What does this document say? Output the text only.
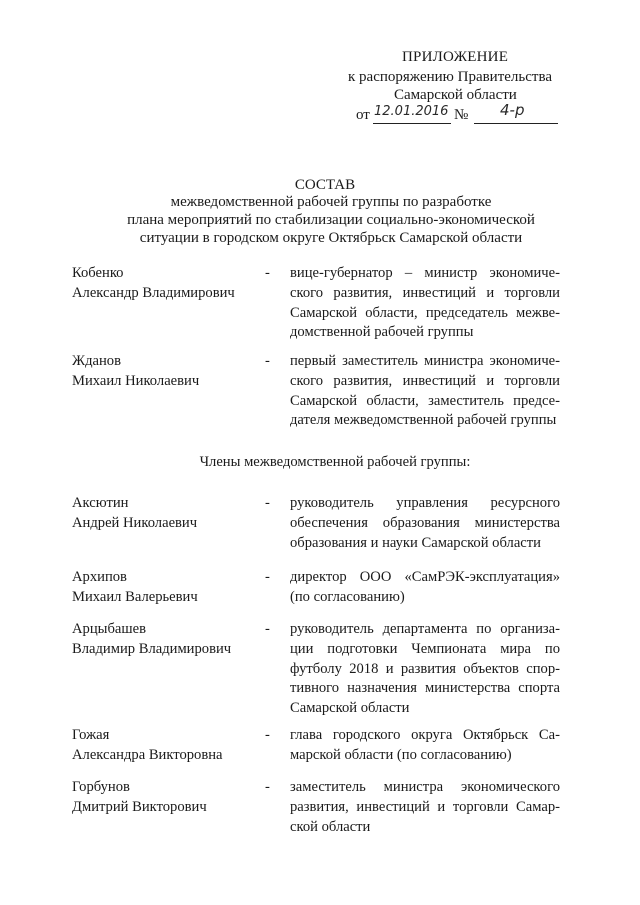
ПРИЛОЖЕНИЕ
к распоряжению Правительства
Самарской области
от 12.01.2016 № 4-р
СОСТАВ
межведомственной рабочей группы по разработке
плана мероприятий по стабилизации социально-экономической
ситуации в городском округе Октябрьск Самарской области
Кобенко
Александр Владимирович
- вице-губернатор – министр экономиче-
ского развития, инвестиций и торговли
Самарской области, председатель межве-
домственной рабочей группы
Жданов
Михаил Николаевич
- первый заместитель министра экономиче-
ского развития, инвестиций и торговли
Самарской области, заместитель предсе-
дателя межведомственной рабочей группы
Члены межведомственной рабочей группы:
Аксютин
Андрей Николаевич
- руководитель управления ресурсного
обеспечения образования министерства
образования и науки Самарской области
Архипов
Михаил Валерьевич
- директор ООО «СамРЭК-эксплуатация»
(по согласованию)
Арцыбашев
Владимир Владимирович
- руководитель департамента по организа-
ции подготовки Чемпионата мира по
футболу 2018 и развития объектов спор-
тивного назначения министерства спорта
Самарской области
Гожая
Александра Викторовна
- глава городского округа Октябрьск Са-
марской области (по согласованию)
Горбунов
Дмитрий Викторович
- заместитель министра экономического
развития, инвестиций и торговли Самар-
ской области
